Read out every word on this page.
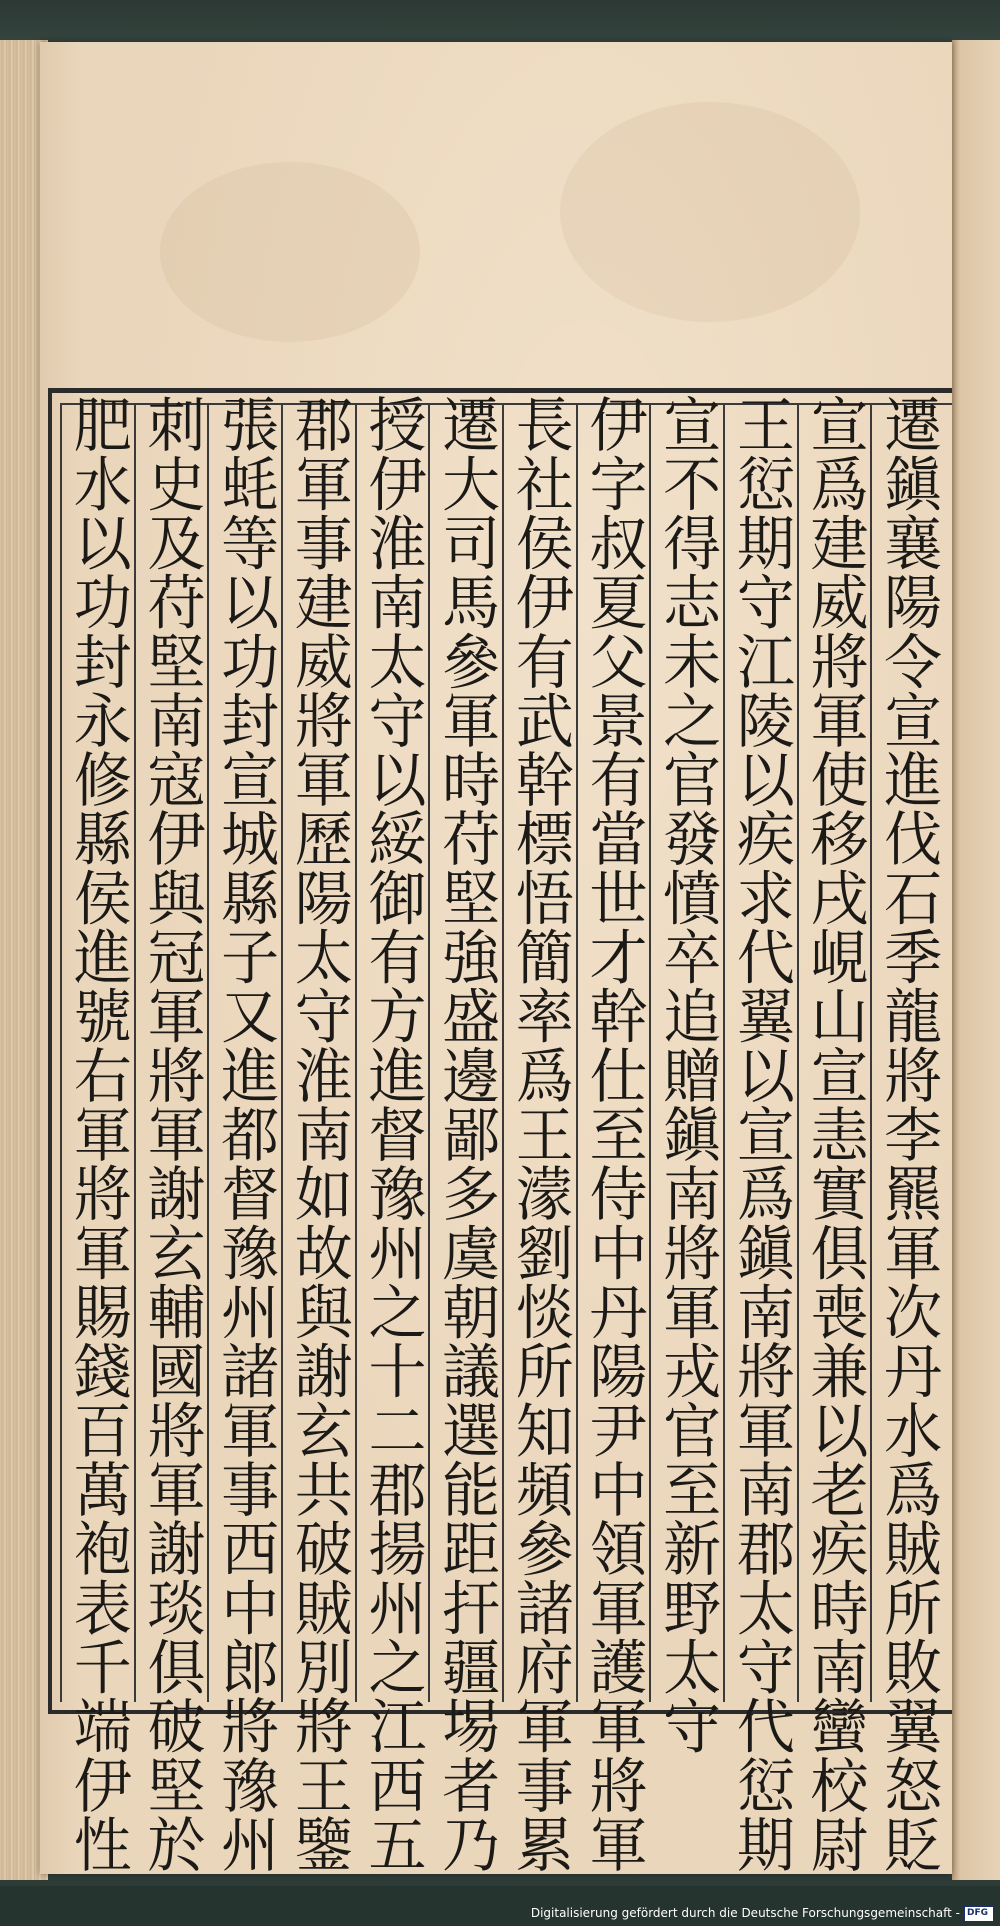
遷鎭襄陽令宣進伐石季龍將李羆軍次丹水爲賊所敗翼怒貶
宣爲建威將軍使移戌峴山宣恚實俱喪兼以老疾時南蠻校尉
王愆期守江陵以疾求代翼以宣爲鎭南將軍南郡太守代愆期
宣不得志未之官發憤卒追贈鎭南將軍戎官至新野太守
伊字叔夏父景有當世才幹仕至侍中丹陽尹中領軍護軍將軍
長社侯伊有武幹標悟簡率爲王濛劉惔所知頻參諸府軍事累
遷大司馬參軍時苻堅強盛邊鄙多虞朝議選能距扞疆埸者乃
授伊淮南太守以綏御有方進督豫州之十二郡揚州之江西五
郡軍事建威將軍歷陽太守淮南如故與謝玄共破賊別將王鑒
張蚝等以功封宣城縣子又進都督豫州諸軍事西中郎將豫州
刺史及苻堅南寇伊與冠軍將軍謝玄輔國將軍謝琰俱破堅於
肥水以功封永修縣侯進號右軍將軍賜錢百萬袍表千端伊性
Digitalisierung gefördert durch die Deutsche Forschungsgemeinschaft - DFG
